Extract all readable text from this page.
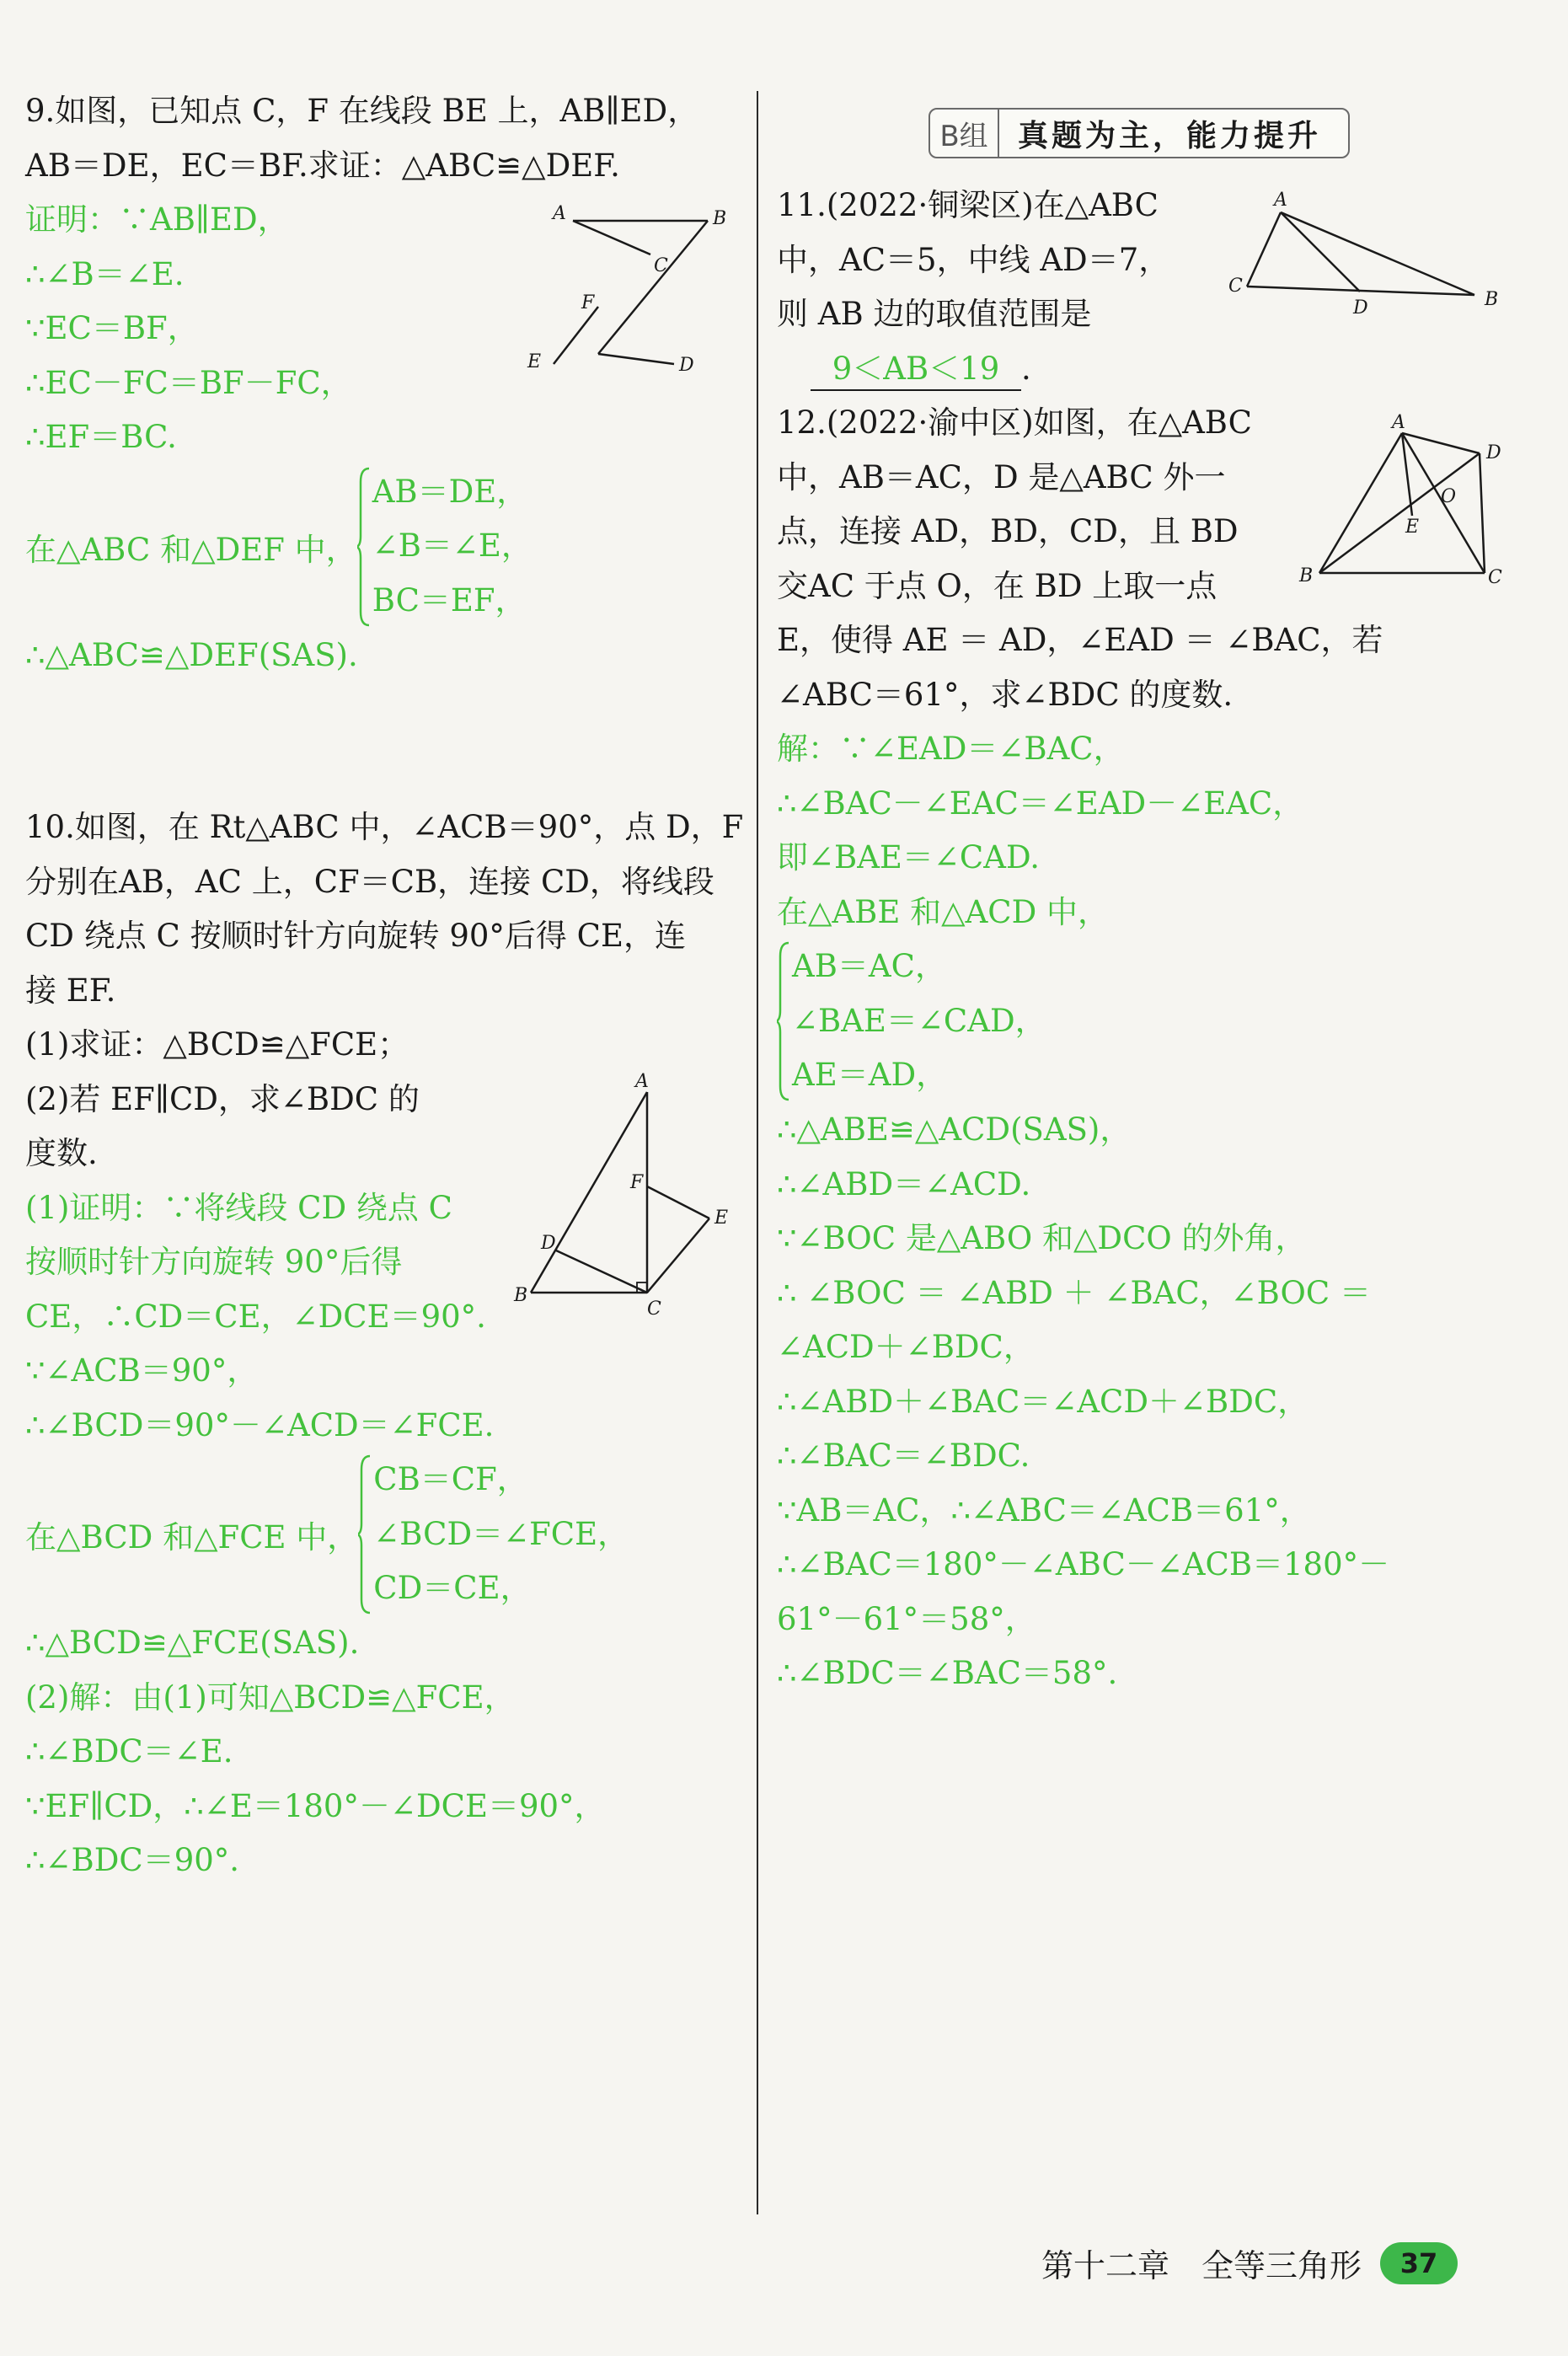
9.如图，已知点 C，F 在线段 BE 上，AB∥ED，
AB＝DE，EC＝BF.求证：△ABC≌△DEF.
证明：∵AB∥ED，
∴∠B＝∠E.
∵EC＝BF，
∴EC－FC＝BF－FC，
∴EF＝BC.
在△ABC 和△DEF 中，
AB＝DE，
∠B＝∠E，
BC＝EF，
∴△ABC≌△DEF(SAS).
10.如图，在 Rt△ABC 中，∠ACB＝90°，点 D，F
分别在AB，AC 上，CF＝CB，连接 CD，将线段
CD 绕点 C 按顺时针方向旋转 90°后得 CE，连
接 EF.
(1)求证：△BCD≌△FCE；
(2)若 EF∥CD，求∠BDC 的
度数.
(1)证明：∵将线段 CD 绕点 C
按顺时针方向旋转 90°后得
CE，∴CD＝CE，∠DCE＝90°.
∵∠ACB＝90°，
∴∠BCD＝90°－∠ACD＝∠FCE.
在△BCD 和△FCE 中，
CB＝CF，
∠BCD＝∠FCE，
CD＝CE，
∴△BCD≌△FCE(SAS).
(2)解：由(1)可知△BCD≌△FCE，
∴∠BDC＝∠E.
∵EF∥CD，∴∠E＝180°－∠DCE＝90°，
∴∠BDC＝90°.
A	B
C
F
E	D
A
F
E
D
B
C
B组 真题为主，能力提升
11.(2022·铜梁区)在△ABC
中，AC＝5，中线 AD＝7，
则 AB 边的取值范围是
9＜AB＜19 .
12.(2022·渝中区)如图，在△ABC
中，AB＝AC，D 是△ABC 外一
点，连接 AD，BD，CD，且 BD
交AC 于点 O，在 BD 上取一点
E，使得 AE ＝ AD，∠EAD ＝ ∠BAC，若
∠ABC＝61°，求∠BDC 的度数.
解：∵∠EAD＝∠BAC，
∴∠BAC－∠EAC＝∠EAD－∠EAC，
即∠BAE＝∠CAD.
在△ABE 和△ACD 中，
AB＝AC，
∠BAE＝∠CAD，
AE＝AD，
∴△ABE≌△ACD(SAS)，
∴∠ABD＝∠ACD.
∵∠BOC 是△ABO 和△DCO 的外角，
∴ ∠BOC ＝ ∠ABD ＋ ∠BAC，∠BOC ＝
∠ACD＋∠BDC，
∴∠ABD＋∠BAC＝∠ACD＋∠BDC，
∴∠BAC＝∠BDC.
∵AB＝AC，∴∠ABC＝∠ACB＝61°，
∴∠BAC＝180°－∠ABC－∠ACB＝180°－
61°－61°＝58°，
∴∠BDC＝∠BAC＝58°.
A
C
D	B
A
D
O
E
B	C
第十二章　全等三角形	37
